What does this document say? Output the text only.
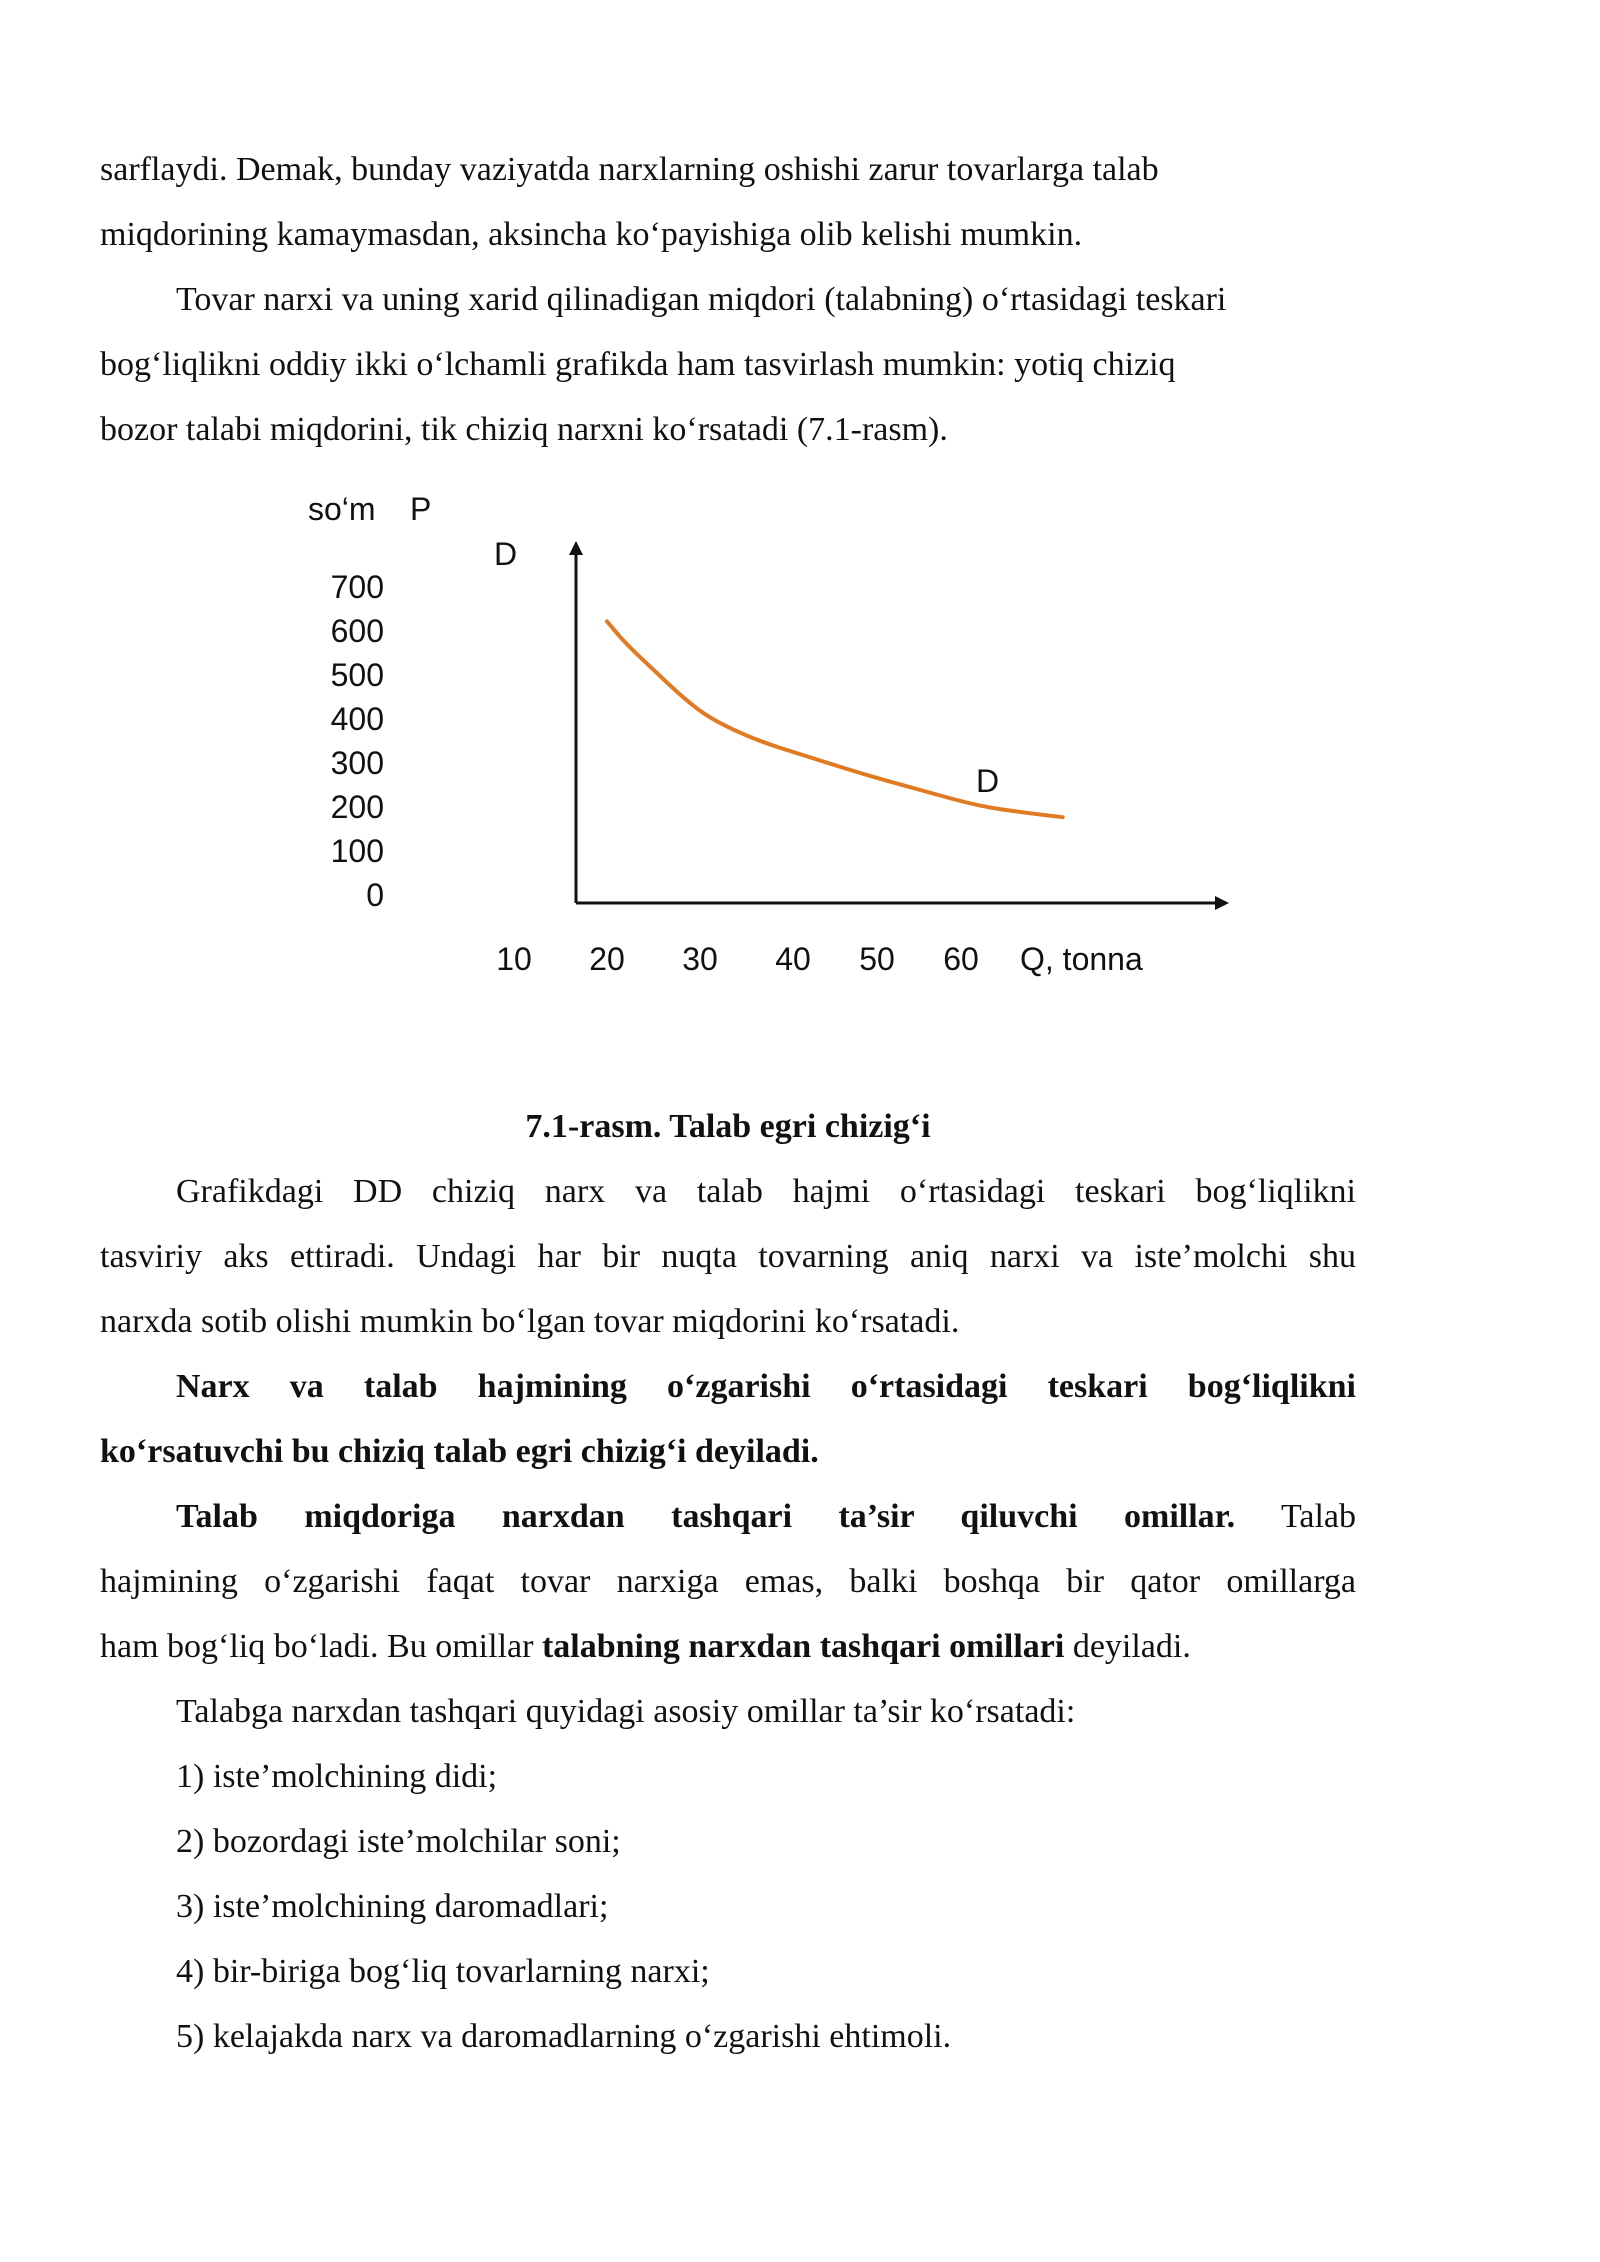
sarflaydi. Demak, bunday vaziyatda narxlarning oshishi zarur tovarlarga talab

miqdorining kamaymasdan, aksincha ko‘payishiga olib kelishi mumkin.

Tovar narxi va uning xarid qilinadigan miqdori (talabning) o‘rtasidagi teskari

bog‘liqlikni oddiy ikki o‘lchamli grafikda ham tasvirlash mumkin: yotiq chiziq

bozor talabi miqdorini, tik chiziq narxni ko‘rsatadi (7.1-rasm).

so‘m P
D
700
600
500
400
300
200
100
0
10 20 30 40 50 60 Q, tonna
D

7.1-rasm. Talab egri chizig‘i

Grafikdagi DD chiziq narx va talab hajmi o‘rtasidagi teskari bog‘liqlikni

tasviriy aks ettiradi. Undagi har bir nuqta tovarning aniq narxi va iste’molchi shu

narxda sotib olishi mumkin bo‘lgan tovar miqdorini ko‘rsatadi.

Narx va talab hajmining o‘zgarishi o‘rtasidagi teskari bog‘liqlikni

ko‘rsatuvchi bu chiziq talab egri chizig‘i deyiladi.

Talab miqdoriga narxdan tashqari ta’sir qiluvchi omillar. Talab

hajmining o‘zgarishi faqat tovar narxiga emas, balki boshqa bir qator omillarga

ham bog‘liq bo‘ladi. Bu omillar talabning narxdan tashqari omillari deyiladi.

Talabga narxdan tashqari quyidagi asosiy omillar ta’sir ko‘rsatadi:

1) iste’molchining didi;

2) bozordagi iste’molchilar soni;

3) iste’molchining daromadlari;

4) bir-biriga bog‘liq tovarlarning narxi;

5) kelajakda narx va daromadlarning o‘zgarishi ehtimoli.
